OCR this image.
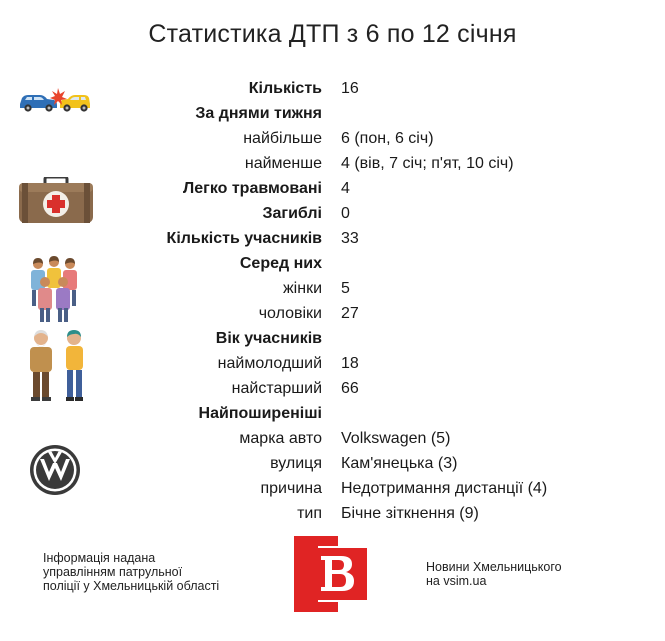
Статистика ДТП з 6 по 12 січня
Кількість 16
За днями тижня
найбільше 6 (пон, 6 січ)
найменше 4 (вів, 7 січ; п'ят, 10 січ)
Легко травмовані 4
Загиблі 0
Кількість учасників 33
Серед них
жінки 5
чоловіки 27
Вік учасників
наймолодший 18
найстарший 66
Найпоширеніші
марка авто Volkswagen (5)
вулиця Кам'янецька (3)
причина Недотримання дистанції (4)
тип Бічне зіткнення (9)
Інформація надана
управлінням патрульної
поліції у Хмельницькій області
Новини Хмельницького
на vsim.ua
